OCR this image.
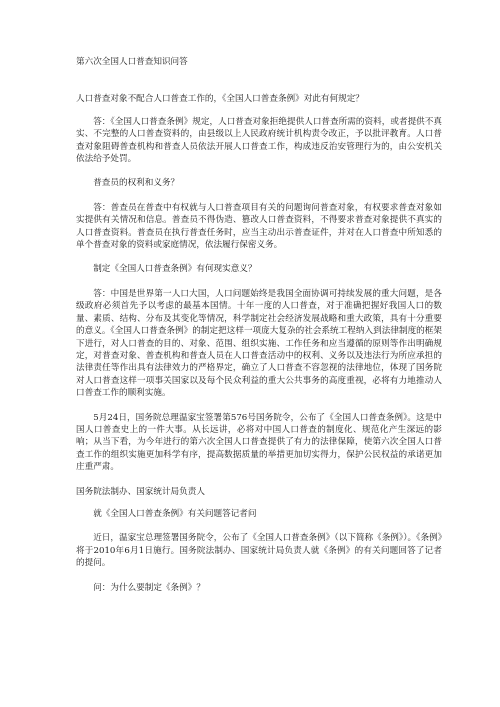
第六次全国人口普查知识问答

人口普查对象不配合人口普查工作的，《全国人口普查条例》对此有何规定？

答：《全国人口普查条例》规定，人口普查对象拒绝提供人口普查所需的资料，或者提供不真实、不完整的人口普查资料的，由县级以上人民政府统计机构责令改正，予以批评教育。人口普查对象阻碍普查机构和普查人员依法开展人口普查工作，构成违反治安管理行为的，由公安机关依法给予处罚。

普查员的权利和义务？

答：普查员在普查中有权就与人口普查项目有关的问题询问普查对象，有权要求普查对象如实提供有关情况和信息。普查员不得伪造、篡改人口普查资料，不得要求普查对象提供不真实的人口普查资料。普查员在执行普查任务时，应当主动出示普查证件，并对在人口普查中所知悉的单个普查对象的资料或家庭情况，依法履行保密义务。

制定《全国人口普查条例》有何现实意义？

答：中国是世界第一人口大国，人口问题始终是我国全面协调可持续发展的重大问题，是各级政府必须首先予以考虑的最基本国情。十年一度的人口普查，对于准确把握好我国人口的数量、素质、结构、分布及其变化等情况，科学制定社会经济发展战略和重大政策，具有十分重要的意义。《全国人口普查条例》的制定把这样一项庞大复杂的社会系统工程纳入到法律制度的框架下进行，对人口普查的目的、对象、范围、组织实施、工作任务和应当遵循的原则等作出明确规定，对普查对象、普查机构和普查人员在人口普查活动中的权利、义务以及违法行为所应承担的法律责任等作出具有法律效力的严格界定，确立了人口普查不容忽视的法律地位，体现了国务院对人口普查这样一项事关国家以及每个民众利益的重大公共事务的高度重视，必将有力地推动人口普查工作的顺利实施。

5月24日，国务院总理温家宝签署第576号国务院令，公布了《全国人口普查条例》。这是中国人口普查史上的一件大事。从长远讲，必将对中国人口普查的制度化、规范化产生深远的影响；从当下看，为今年进行的第六次全国人口普查提供了有力的法律保障，使第六次全国人口普查工作的组织实施更加科学有序，提高数据质量的举措更加切实得力，保护公民权益的承诺更加庄重严肃。

国务院法制办、国家统计局负责人

就《全国人口普查条例》有关问题答记者问

近日，温家宝总理签署国务院令，公布了《全国人口普查条例》（以下简称《条例》）。《条例》将于2010年6月1日施行。国务院法制办、国家统计局负责人就《条例》的有关问题回答了记者的提问。

问：为什么要制定《条例》？
